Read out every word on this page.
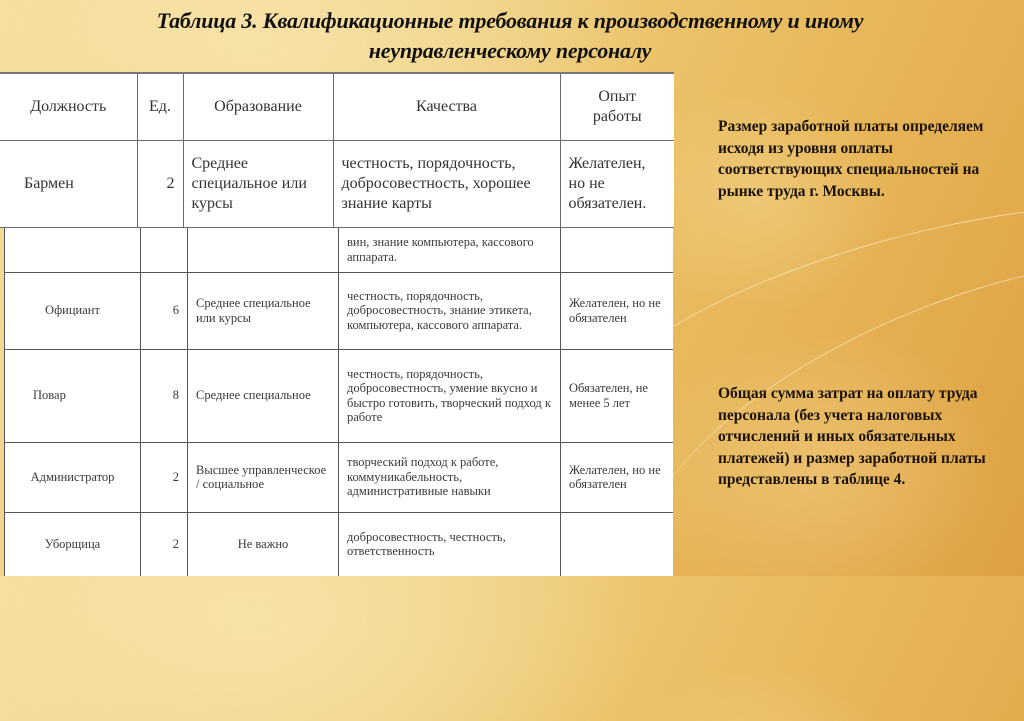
Таблица 3. Квалификационные требования к производственному и иному
неуправленческому персоналу
Должность	Ед.	Образование	Качества	Опыт
работы

Бармен	2	Среднее специальное или курсы	честность, порядочность, добросовестность, хорошее знание карты	Желателен, но не обязателен.
			вин, знание компьютера, кассового аппарата.	
Официант	6	Среднее специальное или курсы	честность, порядочность, добросовестность, знание этикета, компьютера, кассового аппарата.	Желателен, но не обязателен
Повар	8	Среднее специальное	честность, порядочность, добросовестность, умение вкусно и быстро готовить, творческий подход к работе	Обязателен, не менее 5 лет
Администратор	2	Высшее управленческое / социальное	творческий подход к работе, коммуникабельность, административные навыки	Желателен, но не обязателен
Уборщица	2	Не важно	добросовестность, честность, ответственность	
Размер заработной платы определяем исходя из уровня оплаты соответствующих специальностей на рынке труда г. Москвы.
Общая сумма затрат на оплату труда персонала (без учета налоговых отчислений и иных обязательных платежей) и размер заработной платы представлены в таблице 4.
